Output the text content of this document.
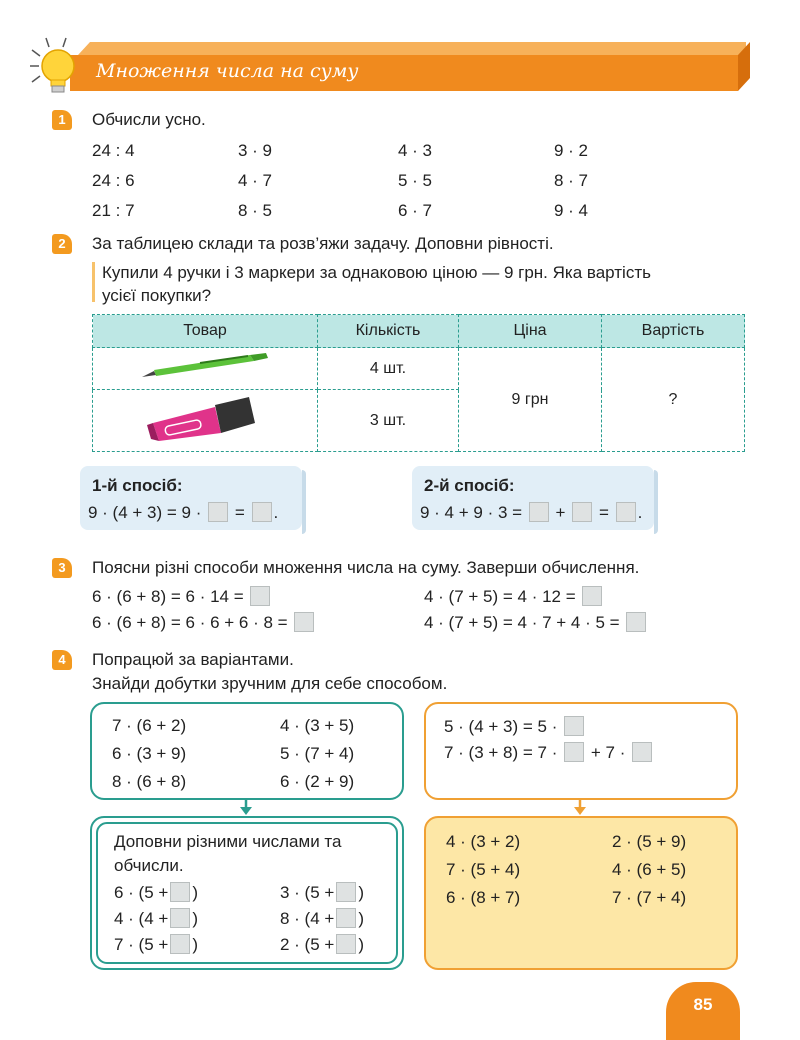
Множення числа на суму
1	Обчисли усно.
24 : 4	3 · 9	4 · 3	9 · 2
24 : 6	4 · 7	5 · 5	8 · 7
21 : 7	8 · 5	6 · 7	9 · 4
2	За таблицею склади та розв’яжи задачу. Доповни рівності.
Купили 4 ручки і 3 маркери за однаковою ціною — 9 грн. Яка вартість
усієї покупки?
Товар	Кількість	Ціна	Вартість
	4 шт.	9 грн	?
	3 шт.		
1-й спосіб:
9 · (4 + 3) = 9 · = .
2-й спосіб:
9 · 4 + 9 · 3 = + = .
3	Поясни різні способи множення числа на суму. Заверши обчислення.
6 · (6 + 8) = 6 · 14 =
6 · (6 + 8) = 6 · 6 + 6 · 8 =
4 · (7 + 5) = 4 · 12 =
4 · (7 + 5) = 4 · 7 + 4 · 5 =
4	Попрацюй за варіантами.
Знайди добутки зручним для себе способом.
7 · (6 + 2)	4 · (3 + 5)
6 · (3 + 9)	5 · (7 + 4)
8 · (6 + 8)	6 · (2 + 9)
5 · (4 + 3) = 5 ·
7 · (3 + 8) = 7 · + 7 ·
Доповни різними числами та
обчисли.
6 · (5 + )	3 · (5 + )
4 · (4 + )	8 · (4 + )
7 · (5 + )	2 · (5 + )
4 · (3 + 2)	2 · (5 + 9)
7 · (5 + 4)	4 · (6 + 5)
6 · (8 + 7)	7 · (7 + 4)
85
